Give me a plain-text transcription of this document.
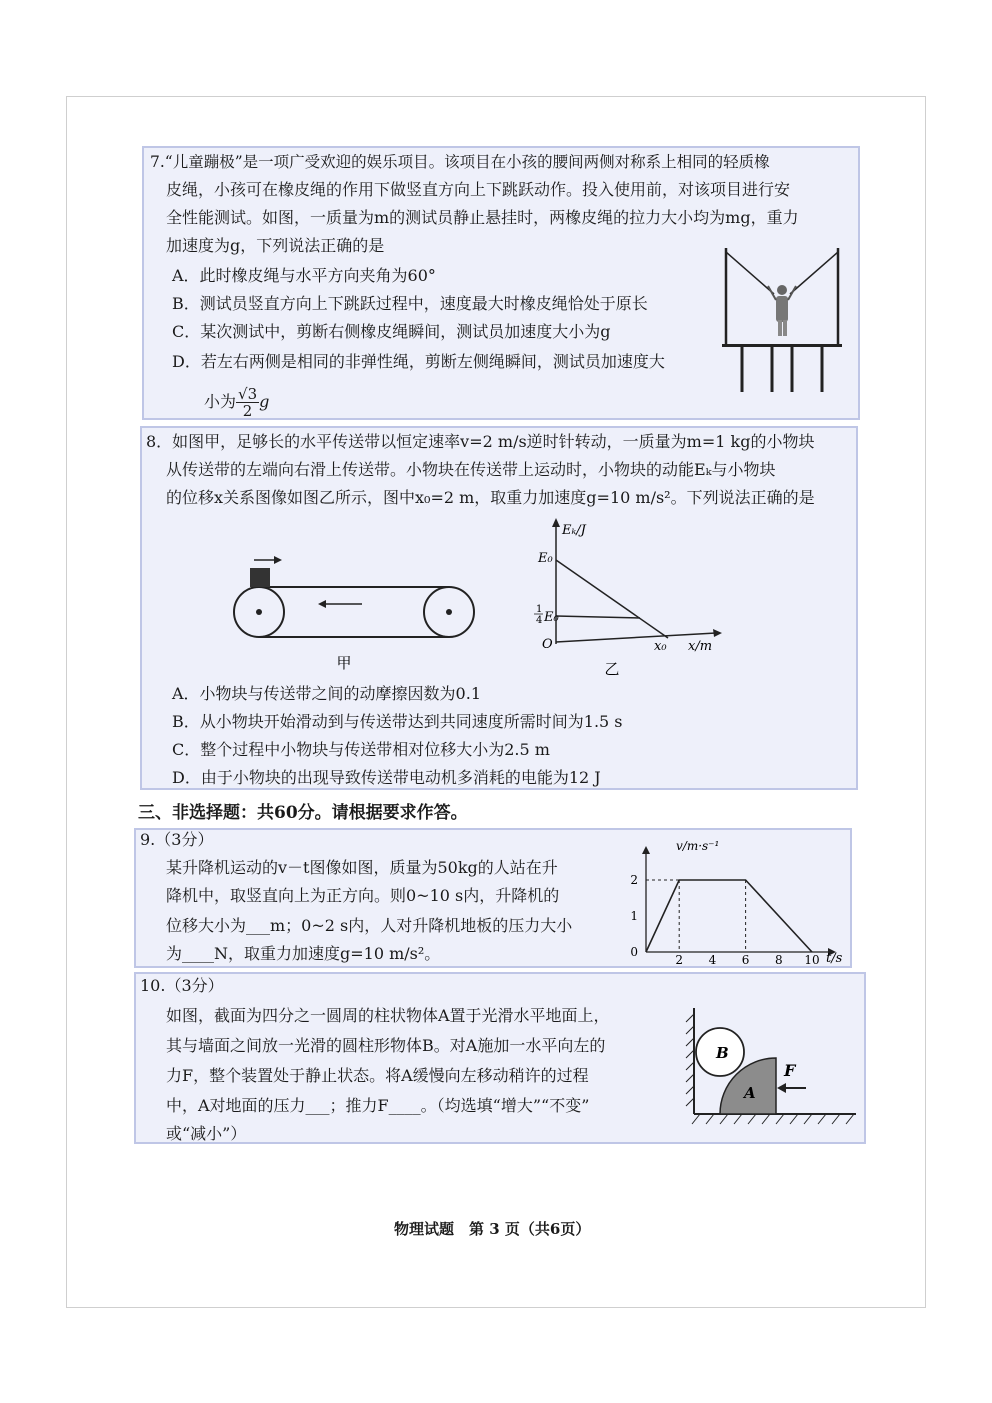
7.“儿童蹦极”是一项广受欢迎的娱乐项目。该项目在小孩的腰间两侧对称系上相同的轻质橡
皮绳，小孩可在橡皮绳的作用下做竖直方向上下跳跃动作。投入使用前，对该项目进行安
全性能测试。如图，一质量为m的测试员静止悬挂时，两橡皮绳的拉力大小均为mg，重力
加速度为g，下列说法正确的是
A．此时橡皮绳与水平方向夹角为60°
B．测试员竖直方向上下跳跃过程中，速度最大时橡皮绳恰处于原长
C．某次测试中，剪断右侧橡皮绳瞬间，测试员加速度大小为g
D．若左右两侧是相同的非弹性绳，剪断左侧绳瞬间，测试员加速度大
小为 $\frac{√3}{2}$ g
8．如图甲，足够长的水平传送带以恒定速率v=2 m/s逆时针转动，一质量为m=1 kg的小物块
从传送带的左端向右滑上传送带。小物块在传送带上运动时，小物块的动能Eₖ与小物块
的位移x关系图像如图乙所示，图中x₀=2 m，取重力加速度g=10 m/s²。下列说法正确的是
甲
Eₖ/J
E₀
1
4 E₀
O	x₀ x/m
乙
A．小物块与传送带之间的动摩擦因数为0.1
B．从小物块开始滑动到与传送带达到共同速度所需时间为1.5 s
C．整个过程中小物块与传送带相对位移大小为2.5 m
D．由于小物块的出现导致传送带电动机多消耗的电能为12 J
三、非选择题：共60分。请根据要求作答。
9.（3分）
某升降机运动的v－t图像如图，质量为50kg的人站在升
降机中，取竖直向上为正方向。则0~10 s内，升降机的
位移大小为___m；0~2 s内，人对升降机地板的压力大小
为____N，取重力加速度g=10 m/s²。
v/m·s⁻¹
t/s
2 4 6 8 10
2
1
0
10.（3分）
如图，截面为四分之一圆周的柱状物体A置于光滑水平地面上，
其与墙面之间放一光滑的圆柱形物体B。对A施加一水平向左的
力F，整个装置处于静止状态。将A缓慢向左移动稍许的过程
中，A对地面的压力___；推力F____。（均选填“增大”“不变”
或“减小”）
B
A
F
物理试题　第 3 页（共6页）
